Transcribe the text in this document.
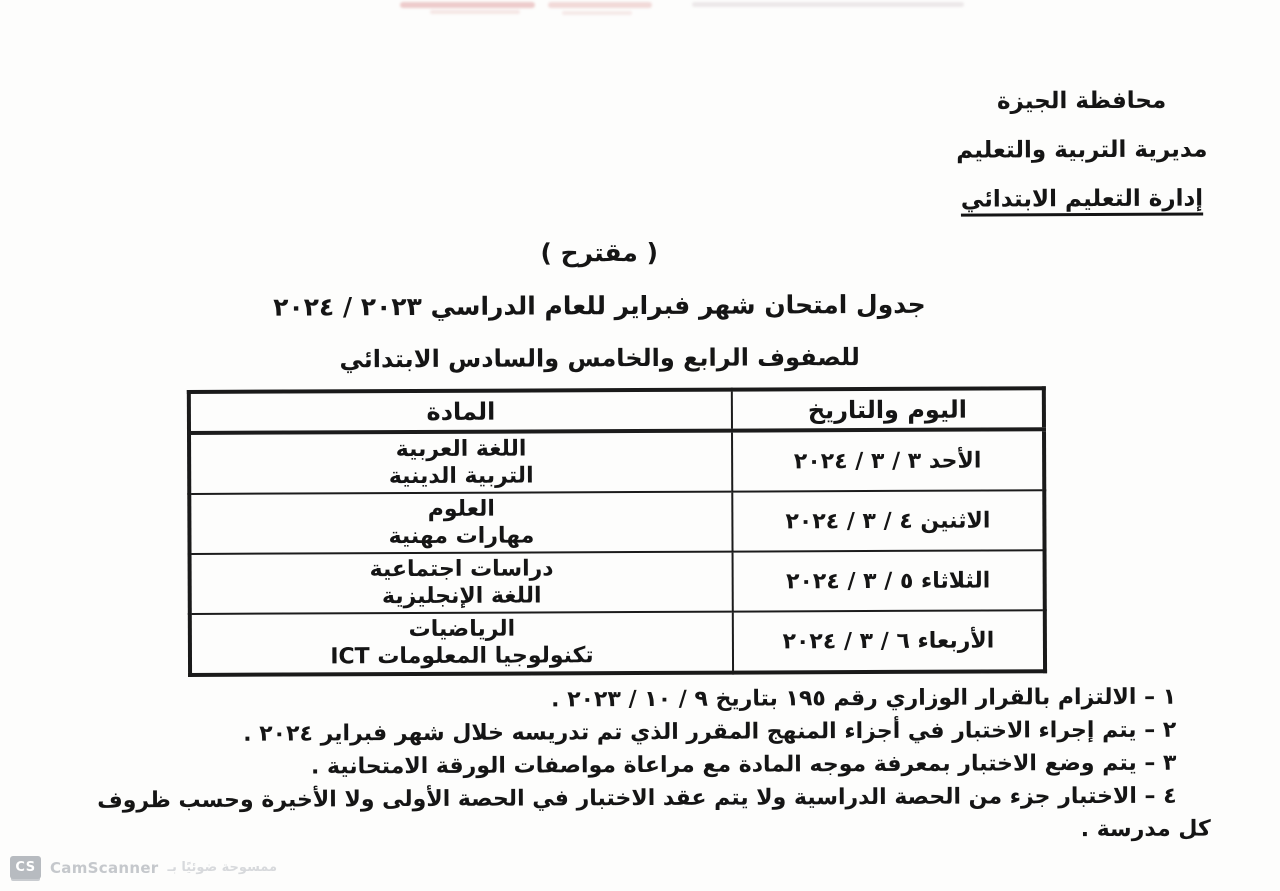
محافظة الجيزة
مديرية التربية والتعليم
إدارة التعليم الابتدائي
( مقترح )
جدول امتحان شهر فبراير للعام الدراسي ٢٠٢٣ / ٢٠٢٤
للصفوف الرابع والخامس والسادس الابتدائي
اليوم والتاريخ	المادة
الأحد ٣ / ٣ / ٢٠٢٤	اللغة العربية
التربية الدينية

الاثنين ٤ / ٣ / ٢٠٢٤	العلوم
مهارات مهنية

الثلاثاء ٥ / ٣ / ٢٠٢٤	دراسات اجتماعية
اللغة الإنجليزية

الأربعاء ٦ / ٣ / ٢٠٢٤	الرياضيات
تكنولوجيا المعلومات ICT
١ – الالتزام بالقرار الوزاري رقم ١٩٥ بتاريخ ٩ / ١٠ / ٢٠٢٣ .
٢ – يتم إجراء الاختبار في أجزاء المنهج المقرر الذي تم تدريسه خلال شهر فبراير ٢٠٢٤ .
٣ – يتم وضع الاختبار بمعرفة موجه المادة مع مراعاة مواصفات الورقة الامتحانية .
٤ – الاختبار جزء من الحصة الدراسية ولا يتم عقد الاختبار في الحصة الأولى ولا الأخيرة وحسب ظروف
كل مدرسة .
CS CamScanner ممسوحة ضوئيًا بـ
